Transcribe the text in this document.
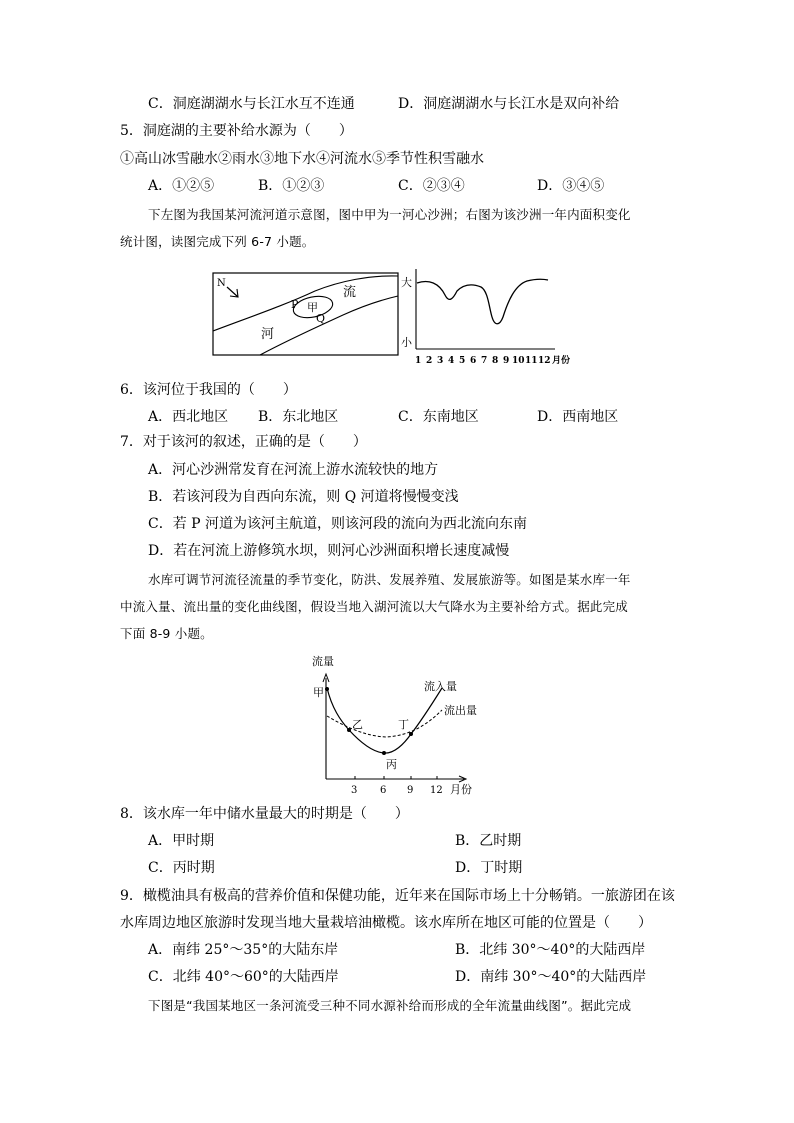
C．洞庭湖湖水与长江水互不连通	D．洞庭湖湖水与长江水是双向补给
5．洞庭湖的主要补给水源为（　　）
①高山冰雪融水②雨水③地下水④河流水⑤季节性积雪融水
A．①②⑤	B．①②③	C．②③④	D．③④⑤
下左图为我国某河流河道示意图，图中甲为一河心沙洲；右图为该沙洲一年内面积变化
统计图，读图完成下列 6-7 小题。
N
P 甲
Q
河
流
大
小
1 2 3 4 5 6 7 8 9 10 11 12 月份
6．该河位于我国的（　　）
A．西北地区 B．东北地区	C．东南地区	D．西南地区
7．对于该河的叙述，正确的是（　　）
A．河心沙洲常发育在河流上游水流较快的地方
B．若该河段为自西向东流，则 Q 河道将慢慢变浅
C．若 P 河道为该河主航道，则该河段的流向为西北流向东南
D．若在河流上游修筑水坝，则河心沙洲面积增长速度减慢
水库可调节河流径流量的季节变化，防洪、发展养殖、发展旅游等。如图是某水库一年
中流入量、流出量的变化曲线图，假设当地入湖河流以大气降水为主要补给方式。据此完成
下面 8-9 小题。
流量
3 6 9 12 月份
甲
乙
丙
丁
流入量
流出量
8．该水库一年中储水量最大的时期是（　　）
A．甲时期	B．乙时期
C．丙时期	D．丁时期
9．橄榄油具有极高的营养价值和保健功能，近年来在国际市场上十分畅销。一旅游团在该
水库周边地区旅游时发现当地大量栽培油橄榄。该水库所在地区可能的位置是（　　）
A．南纬 25°～35°的大陆东岸	B．北纬 30°～40°的大陆西岸
C．北纬 40°～60°的大陆西岸	D．南纬 30°～40°的大陆西岸
下图是“我国某地区一条河流受三种不同水源补给而形成的全年流量曲线图”。据此完成
